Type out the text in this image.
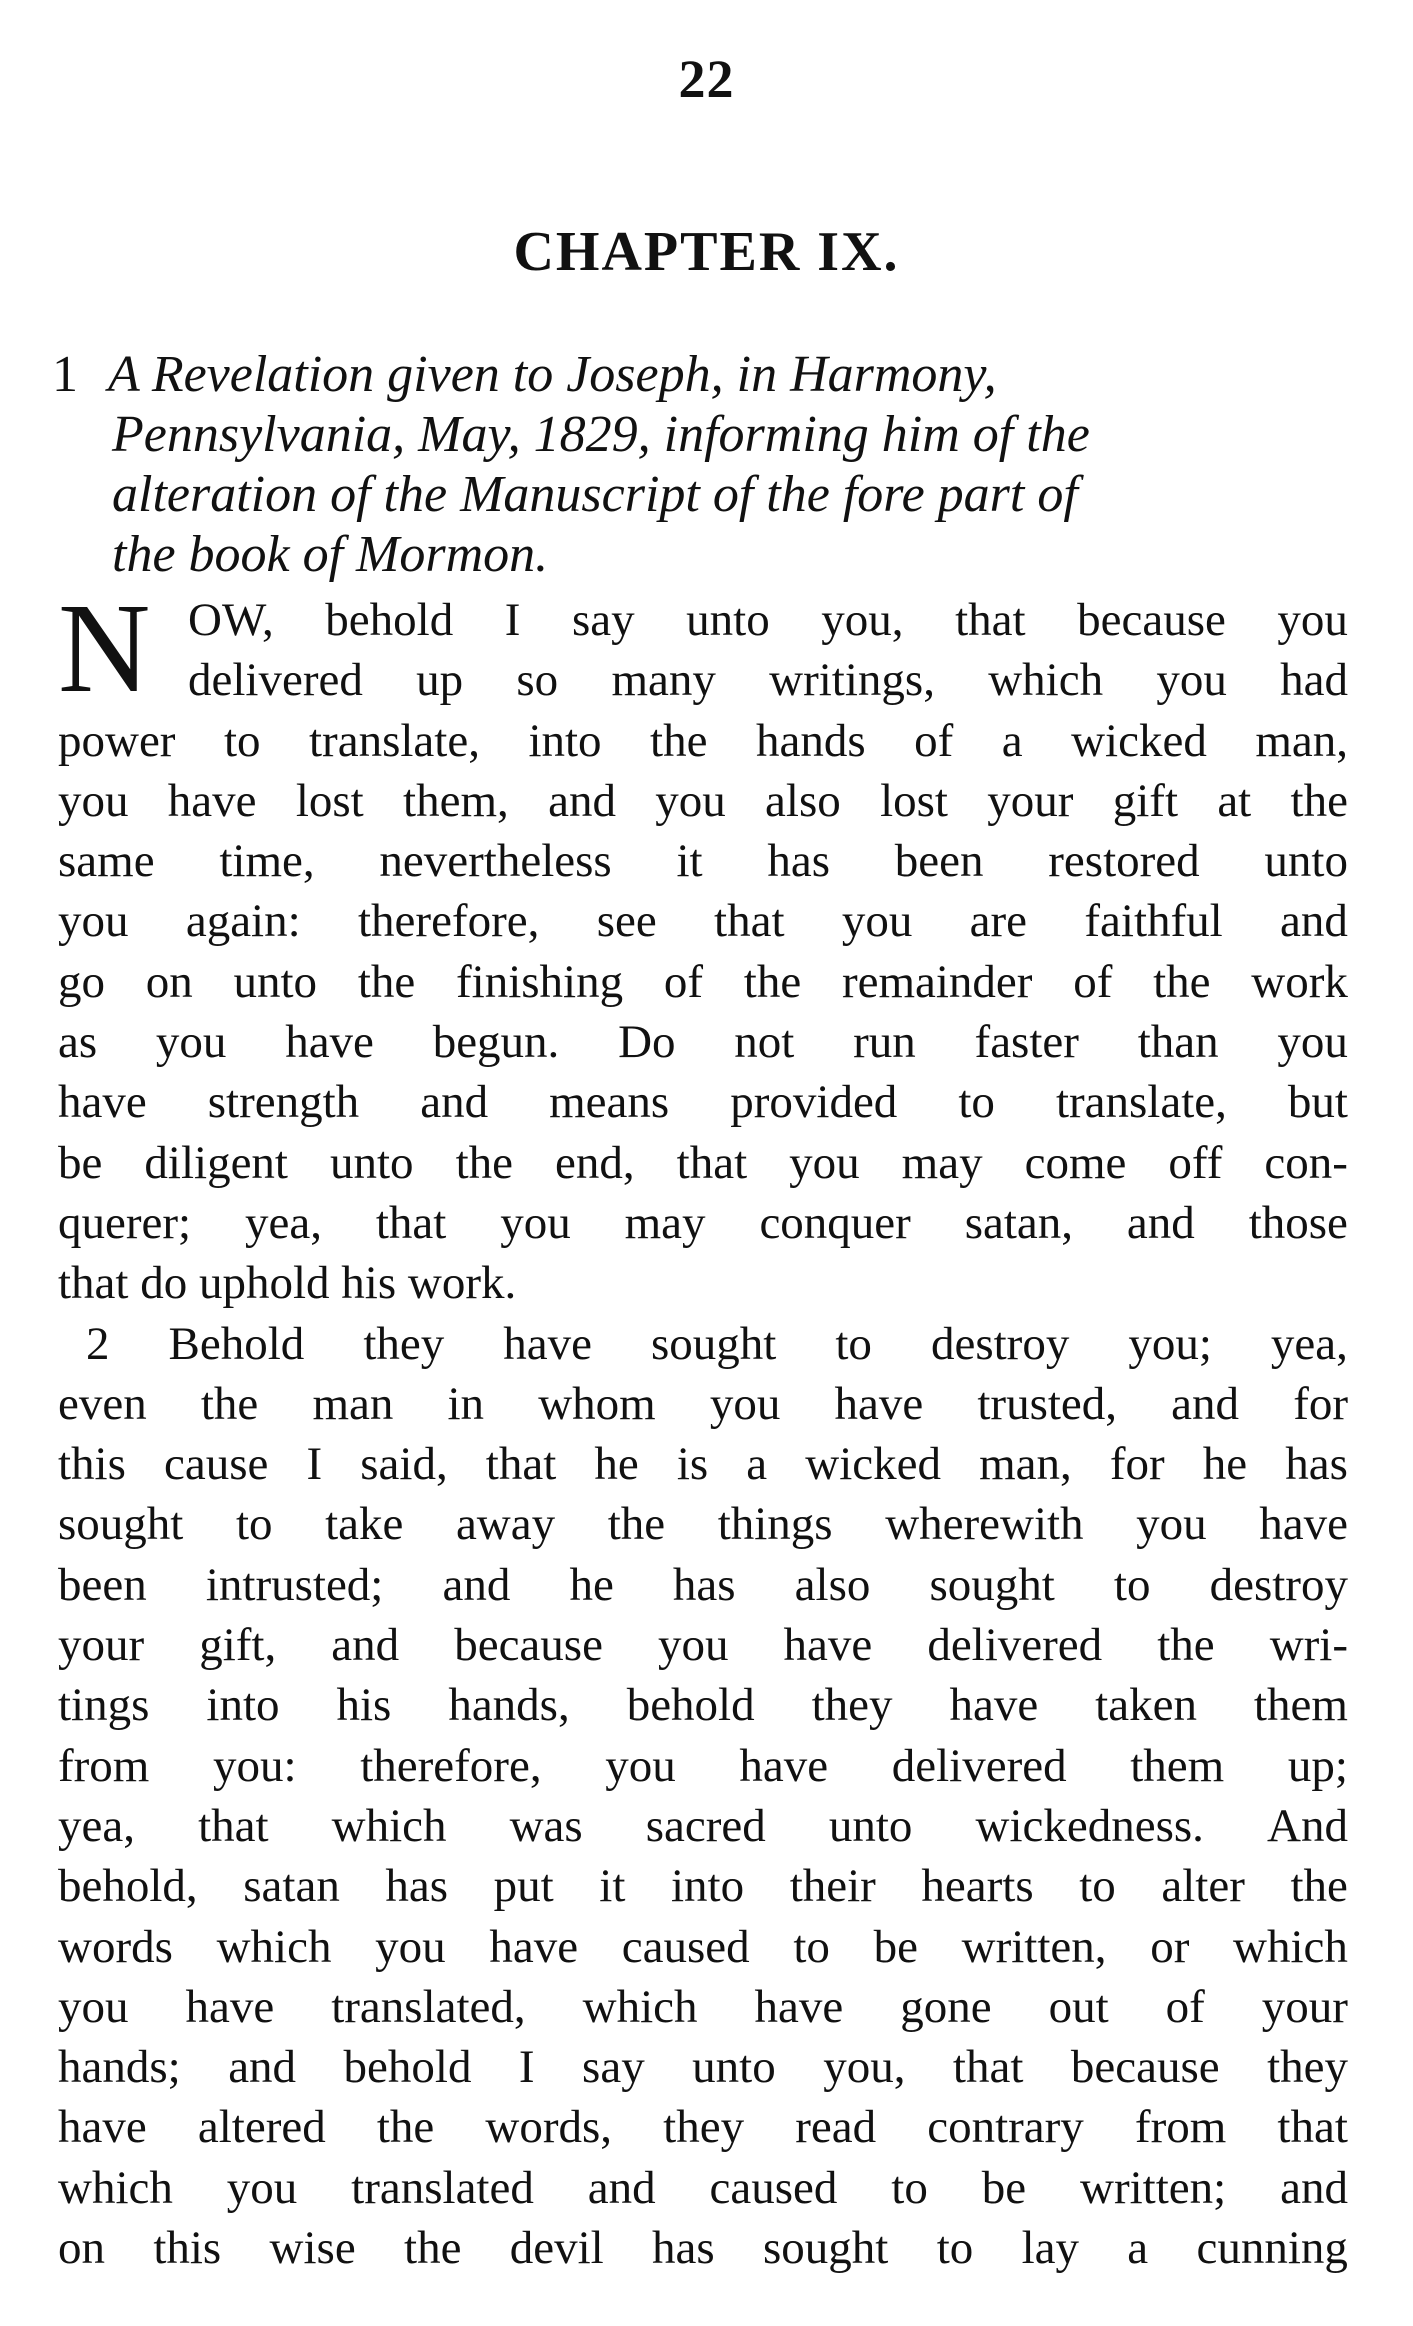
22
CHAPTER IX.
1 A Revelation given to Joseph, in Harmony,
Pennsylvania, May, 1829, informing him of the
alteration of the Manuscript of the fore part of
the book of Mormon.
N OW, behold I say unto you, that because you
delivered up so many writings, which you had
power to translate, into the hands of a wicked man,
you have lost them, and you also lost your gift at the
same time, nevertheless it has been restored unto
you again: therefore, see that you are faithful and
go on unto the finishing of the remainder of the work
as you have begun. Do not run faster than you
have strength and means provided to translate, but
be diligent unto the end, that you may come off con-
querer; yea, that you may conquer satan, and those
that do uphold his work.
2 Behold they have sought to destroy you; yea,
even the man in whom you have trusted, and for
this cause I said, that he is a wicked man, for he has
sought to take away the things wherewith you have
been intrusted; and he has also sought to destroy
your gift, and because you have delivered the wri-
tings into his hands, behold they have taken them
from you: therefore, you have delivered them up;
yea, that which was sacred unto wickedness. And
behold, satan has put it into their hearts to alter the
words which you have caused to be written, or which
you have translated, which have gone out of your
hands; and behold I say unto you, that because they
have altered the words, they read contrary from that
which you translated and caused to be written; and
on this wise the devil has sought to lay a cunning
